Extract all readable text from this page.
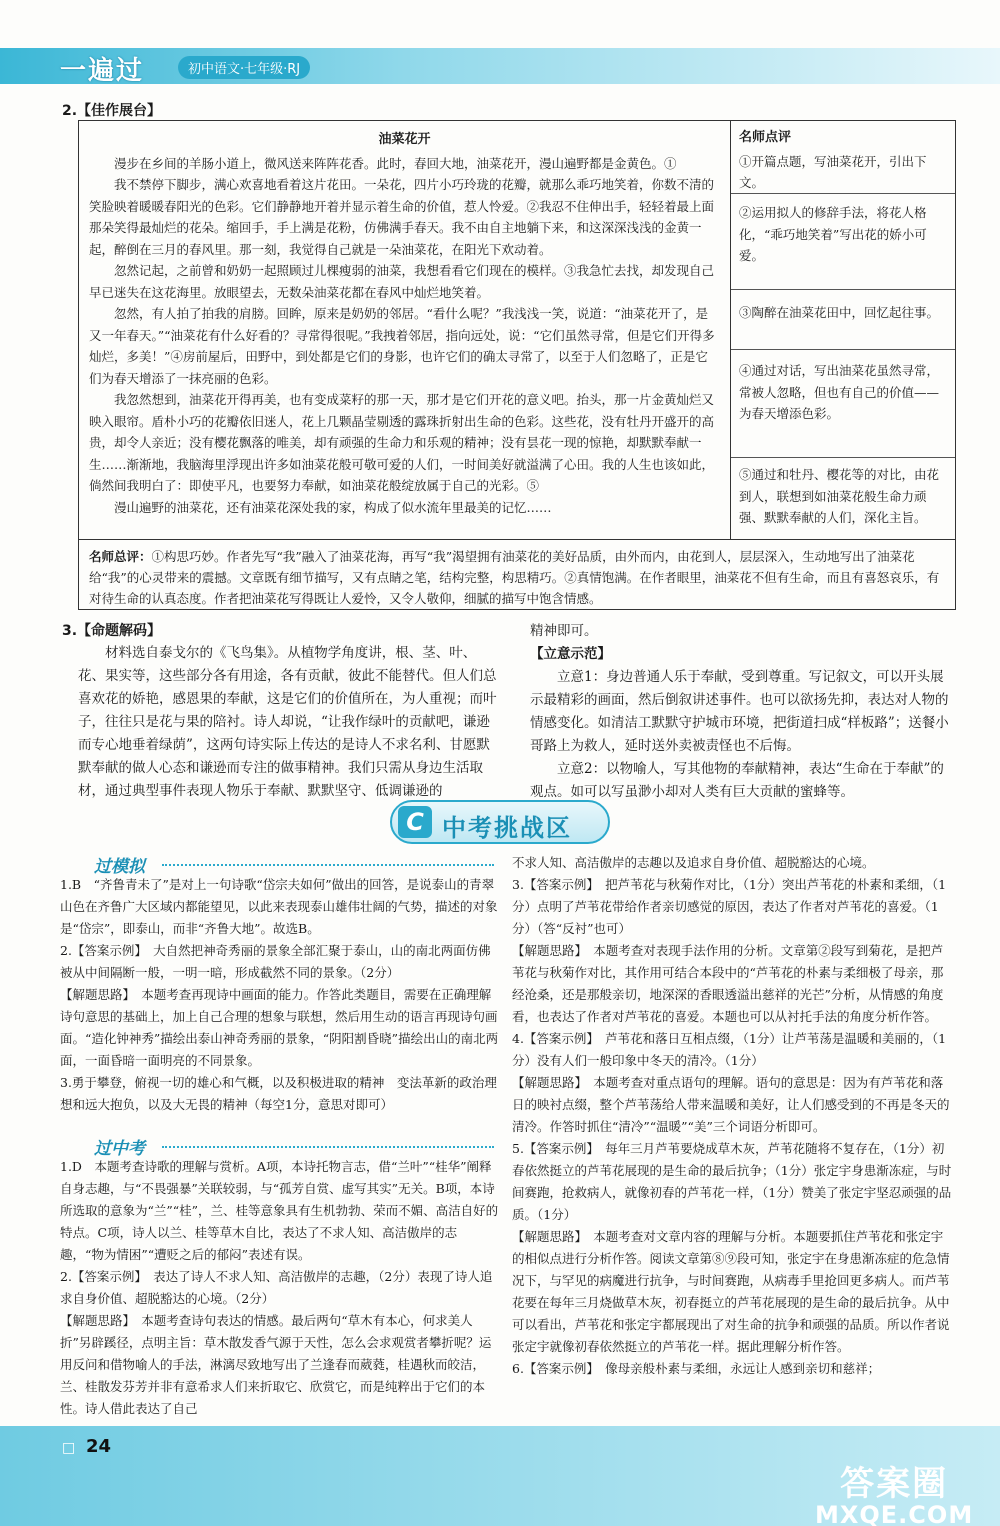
一遍过	初中语文·七年级·RJ
2.【佳作展台】
油菜花开

漫步在乡间的羊肠小道上，微风送来阵阵花香。此时，春回大地，油菜花开，漫山遍野都是金黄色。①

我不禁停下脚步，满心欢喜地看着这片花田。一朵花，四片小巧玲珑的花瓣，就那么乖巧地笑着，你数不清的笑脸映着暖暖春阳光的色彩。它们静静地开着并显示着生命的价值，惹人怜爱。②我忍不住伸出手，轻轻着最上面那朵笑得最灿烂的花朵。缩回手，手上满是花粉，仿佛满手春天。我不由自主地躺下来，和这深深浅浅的金黄一起，醉倒在三月的春风里。那一刻，我觉得自己就是一朵油菜花，在阳光下欢动着。

忽然记起，之前曾和奶奶一起照顾过儿棵瘦弱的油菜，我想看看它们现在的模样。③我急忙去找，却发现自己早已迷失在这花海里。放眼望去，无数朵油菜花都在春风中灿烂地笑着。

忽然，有人拍了拍我的肩膀。回眸，原来是奶奶的邻居。“看什么呢？”我浅浅一笑，说道：“油菜花开了，是又一年春天。”“油菜花有什么好看的？寻常得很呢。”我拽着邻居，指向远处，说：“它们虽然寻常，但是它们开得多灿烂，多美！”④房前屋后，田野中，到处都是它们的身影，也许它们的确太寻常了，以至于人们忽略了，正是它们为春天增添了一抹亮丽的色彩。

我忽然想到，油菜花开得再美，也有变成菜籽的那一天，那才是它们开花的意义吧。抬头，那一片金黄灿烂又映入眼帘。盾朴小巧的花瓣依旧迷人，花上几颗晶莹剔透的露珠折射出生命的色彩。这些花，没有牡丹开盛开的高贵，却令人亲近；没有樱花飘落的唯美，却有顽强的生命力和乐观的精神；没有昙花一现的惊艳，却默默奉献一生……渐渐地，我脑海里浮现出许多如油菜花般可敬可爱的人们，一时间美好就溢满了心田。我的人生也该如此，倘然间我明白了：即使平凡，也要努力奉献，如油菜花般绽放属于自己的光彩。⑤

漫山遍野的油菜花，还有油菜花深处我的家，构成了似水流年里最美的记忆……

名师点评
①开篇点题，写油菜花开，引出下文。
②运用拟人的修辞手法，将花人格化，“乖巧地笑着”写出花的娇小可爱。
③陶醉在油菜花田中，回忆起往事。
④通过对话，写出油菜花虽然寻常，常被人忽略，但也有自己的价值——为春天增添色彩。
⑤通过和牡丹、樱花等的对比，由花到人，联想到如油菜花般生命力顽强、默默奉献的人们，深化主旨。
名师总评：①构思巧妙。作者先写“我”融入了油菜花海，再写“我”渴望拥有油菜花的美好品质，由外而内，由花到人，层层深入，生动地写出了油菜花给“我”的心灵带来的震撼。文章既有细节描写，又有点睛之笔，结构完整，构思精巧。②真情饱满。在作者眼里，油菜花不但有生命，而且有喜怒哀乐，有对待生命的认真态度。作者把油菜花写得既让人爱怜，又令人敬仰，细腻的描写中饱含情感。
3.【命题解码】

材料选自泰戈尔的《飞鸟集》。从植物学角度讲，根、茎、叶、花、果实等，这些部分各有用途，各有贡献，彼此不能替代。但人们总喜欢花的娇艳，感恩果的奉献，这是它们的价值所在，为人重视；而叶子，往往只是花与果的陪衬。诗人却说，“让我作绿叶的贡献吧，谦逊而专心地垂着绿荫”，这两句诗实际上传达的是诗人不求名利、甘愿默默奉献的做人心态和谦逊而专注的做事精神。我们只需从身边生活取材，通过典型事件表现人物乐于奉献、默默坚守、低调谦逊的

精神即可。
【立意示范】

立意1：身边普通人乐于奉献，受到尊重。写记叙文，可以开头展示最精彩的画面，然后倒叙讲述事件。也可以欲扬先抑，表达对人物的情感变化。如清洁工默默守护城市环境，把街道扫成“样板路”；送餐小哥路上为救人，延时送外卖被责怪也不后悔。

立意2：以物喻人，写其他物的奉献精神，表达“生命在于奉献”的观点。如可以写虽渺小却对人类有巨大贡献的蜜蜂等。

C 中考挑战区
过模拟
1.B　“齐鲁青未了”是对上一句诗歌“岱宗夫如何”做出的回答，是说泰山的青翠山色在齐鲁广大区域内都能望见，以此来表现泰山雄伟壮阔的气势，描述的对象是“岱宗”，即泰山，而非“齐鲁大地”。故选B。
2.【答案示例】　大自然把神奇秀丽的景象全部汇聚于泰山，山的南北两面仿佛被从中间隔断一般，一明一暗，形成截然不同的景象。（2分）
【解题思路】　本题考查再现诗中画面的能力。作答此类题目，需要在正确理解诗句意思的基础上，加上自己合理的想象与联想，然后用生动的语言再现诗句画面。“造化钟神秀”描绘出泰山神奇秀丽的景象，“阴阳割昏晓”描绘出山的南北两面，一面昏暗一面明亮的不同景象。
3.勇于攀登，俯视一切的雄心和气概，以及积极进取的精神　变法革新的政治理想和远大抱负，以及大无畏的精神（每空1分，意思对即可）
过中考
1.D　本题考查诗歌的理解与赏析。A项，本诗托物言志，借“兰叶”“桂华”阐释自身志趣，与“不畏强暴”关联较弱，与“孤芳自赏、虚写其实”无关。B项，本诗所选取的意象为“兰”“桂”，兰、桂等意象具有生机勃勃、荣而不媚、高洁自好的特点。C项，诗人以兰、桂等草木自比，表达了不求人知、高洁傲岸的志趣，“物为情困”“遭贬之后的郁闷”表述有误。
2.【答案示例】　表达了诗人不求人知、高洁傲岸的志趣，（2分）表现了诗人追求自身价值、超脱豁达的心境。（2分）
【解题思路】　本题考查诗句表达的情感。最后两句“草木有本心，何求美人折”另辟蹊径，点明主旨：草木散发香气源于天性，怎么会求观赏者攀折呢？运用反问和借物喻人的手法，淋漓尽致地写出了兰逢春而葳蕤，桂遇秋而皎洁，兰、桂散发芬芳并非有意希求人们来折取它、欣赏它，而是纯粹出于它们的本性。诗人借此表达了自己
不求人知、高洁傲岸的志趣以及追求自身价值、超脱豁达的心境。
3.【答案示例】　把芦苇花与秋菊作对比，（1分）突出芦苇花的朴素和柔细，（1分）点明了芦苇花带给作者亲切感觉的原因，表达了作者对芦苇花的喜爱。（1分）（答“反衬”也可）
【解题思路】　本题考查对表现手法作用的分析。文章第②段写到菊花，是把芦苇花与秋菊作对比，其作用可结合本段中的“芦苇花的朴素与柔细极了母亲，那经沧桑，还是那般亲切，地深深的香眼透溢出慈祥的光芒”分析，从情感的角度看，也表达了作者对芦苇花的喜爱。本题也可以从衬托手法的角度分析作答。
4.【答案示例】　芦苇花和落日互相点缀，（1分）让芦苇荡是温暖和美丽的，（1分）没有人们一般印象中冬天的清冷。（1分）
【解题思路】　本题考查对重点语句的理解。语句的意思是：因为有芦苇花和落日的映衬点缀，整个芦苇荡给人带来温暖和美好，让人们感受到的不再是冬天的清冷。作答时抓住“清冷”“温暖”“美”三个词语分析即可。
5.【答案示例】　每年三月芦苇要烧成草木灰，芦苇花随将不复存在，（1分）初春依然挺立的芦苇花展现的是生命的最后抗争；（1分）张定宇身患渐冻症，与时间赛跑，抢救病人，就像初春的芦苇花一样，（1分）赞美了张定宇坚忍顽强的品质。（1分）
【解题思路】　本题考查对文章内容的理解与分析。本题要抓住芦苇花和张定宇的相似点进行分析作答。阅读文章第⑧⑨段可知，张定宇在身患渐冻症的危急情况下，与罕见的病魔进行抗争，与时间赛跑，从病毒手里抢回更多病人。而芦苇花要在每年三月烧做草木灰，初春挺立的芦苇花展现的是生命的最后抗争。从中可以看出，芦苇花和张定宇都展现出了对生命的抗争和顽强的品质。所以作者说张定宇就像初春依然挺立的芦苇花一样。据此理解分析作答。
6.【答案示例】　像母亲般朴素与柔细，永远让人感到亲切和慈祥；
□ 24
答案圈
MXQE.COM
